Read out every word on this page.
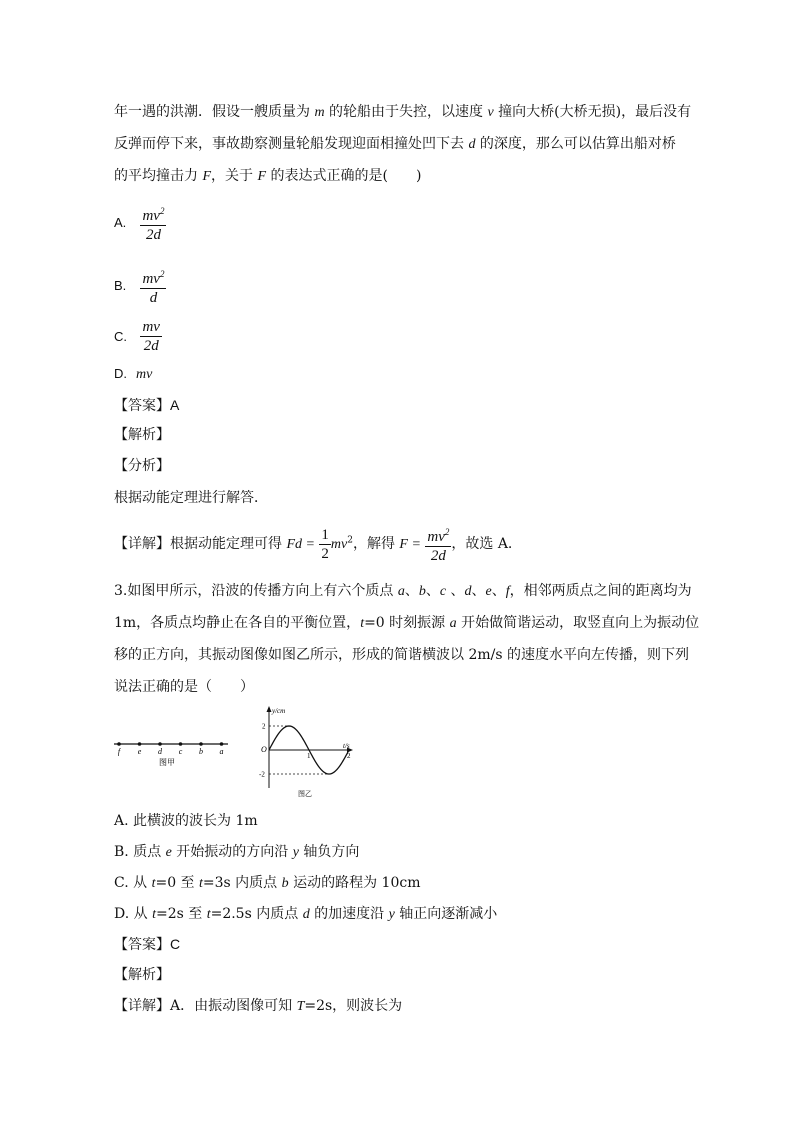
年一遇的洪潮．假设一艘质量为 m 的轮船由于失控，以速度 v 撞向大桥(大桥无损)，最后没有
反弹而停下来，事故勘察测量轮船发现迎面相撞处凹下去 d 的深度，那么可以估算出船对桥
的平均撞击力 F，关于 F 的表达式正确的是(　　)
A. $\frac{mv^2}{2d}$
B. $\frac{mv^2}{d}$
C. $\frac{mv}{2d}$
D. mv
【答案】A
【解析】
【分析】
根据动能定理进行解答．
【详解】根据动能定理可得 $Fd = \frac{1}{2} mv^2$，解得 $F = \frac{mv^2}{2d}$ ，故选 A.
3.如图甲所示，沿波的传播方向上有六个质点 a、b、c 、d、e、f，相邻两质点之间的距离均为
1m，各质点均静止在各自的平衡位置，t=0 时刻振源 a 开始做简谐运动，取竖直向上为振动位
移的正方向，其振动图像如图乙所示，形成的简谐横波以 2m/s 的速度水平向左传播，则下列
说法正确的是（　　）
f e d c b a
图甲
y/cm
t/s
O
2
-2
1	2
图乙
A. 此横波的波长为 1m
B. 质点 e 开始振动的方向沿 y 轴负方向
C. 从 t=0 至 t=3s 内质点 b 运动的路程为 10cm
D. 从 t=2s 至 t=2.5s 内质点 d 的加速度沿 y 轴正向逐渐减小
【答案】C
【解析】
【详解】A．由振动图像可知 T=2s，则波长为
